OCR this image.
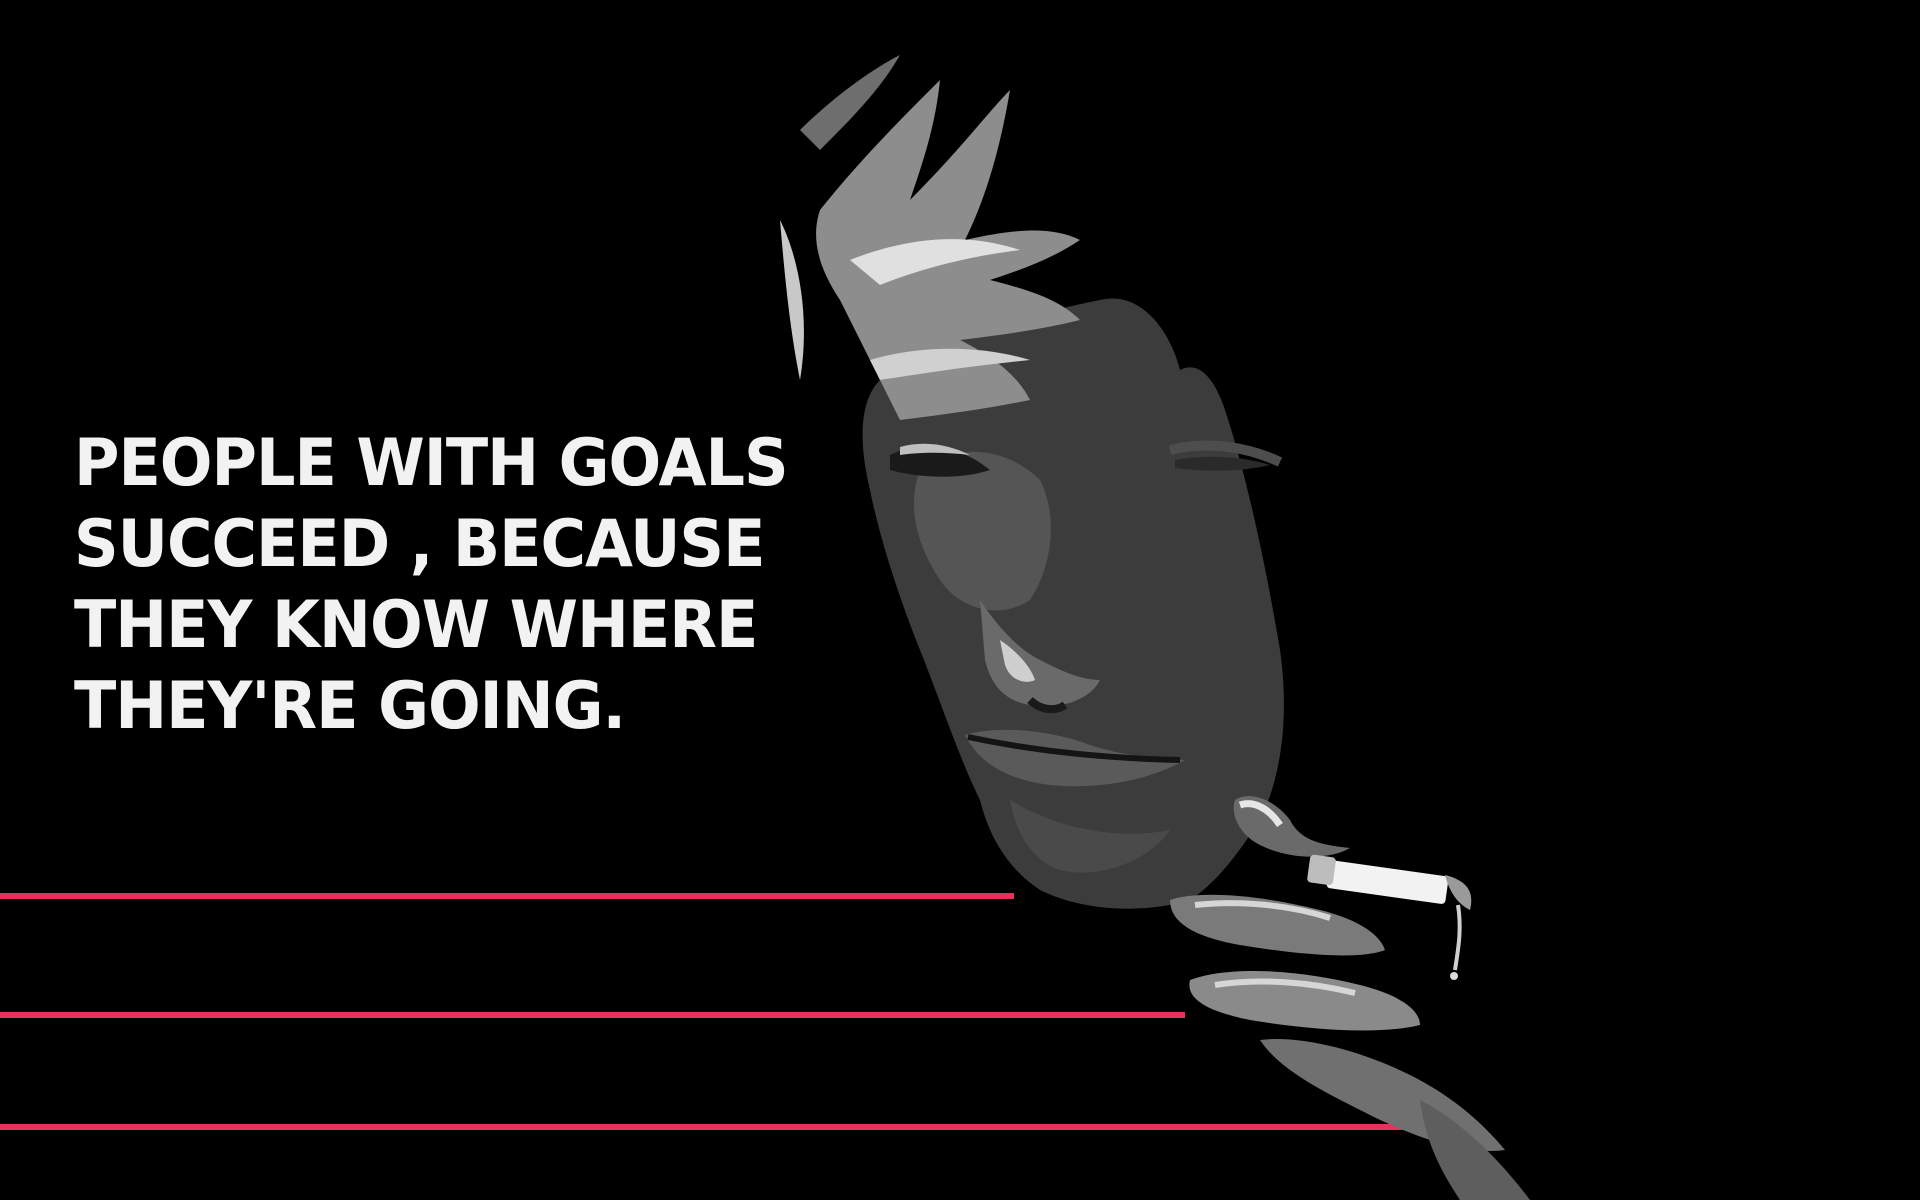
PEOPLE WITH GOALS
SUCCEED , BECAUSE
THEY KNOW WHERE
THEY'RE GOING.
